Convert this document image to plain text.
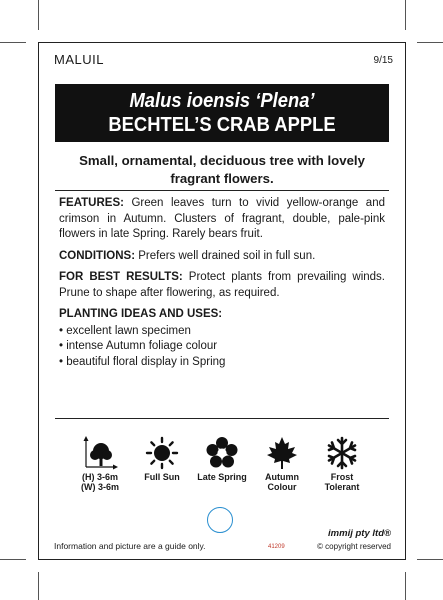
MALUIL	9/15
Malus ioensis ‘Plena’
BECHTEL’S CRAB APPLE
Small, ornamental, deciduous tree with lovely fragrant flowers.

FEATURES: Green leaves turn to vivid yellow-orange and crimson in Autumn. Clusters of fragrant, double, pale-pink flowers in late Spring. Rarely bears fruit.

CONDITIONS: Prefers well drained soil in full sun.

FOR BEST RESULTS: Protect plants from prevailing winds. Prune to shape after flowering, as required.

PLANTING IDEAS AND USES:
• excellent lawn specimen
• intense Autumn foliage colour
• beautiful floral display in Spring
(H) 3-6m
(W) 3-6m
Full Sun	Late Spring	Autumn
Colour
Frost
Tolerant
Information and picture are a guide only.	41209
immij pty ltd®
© copyright reserved
